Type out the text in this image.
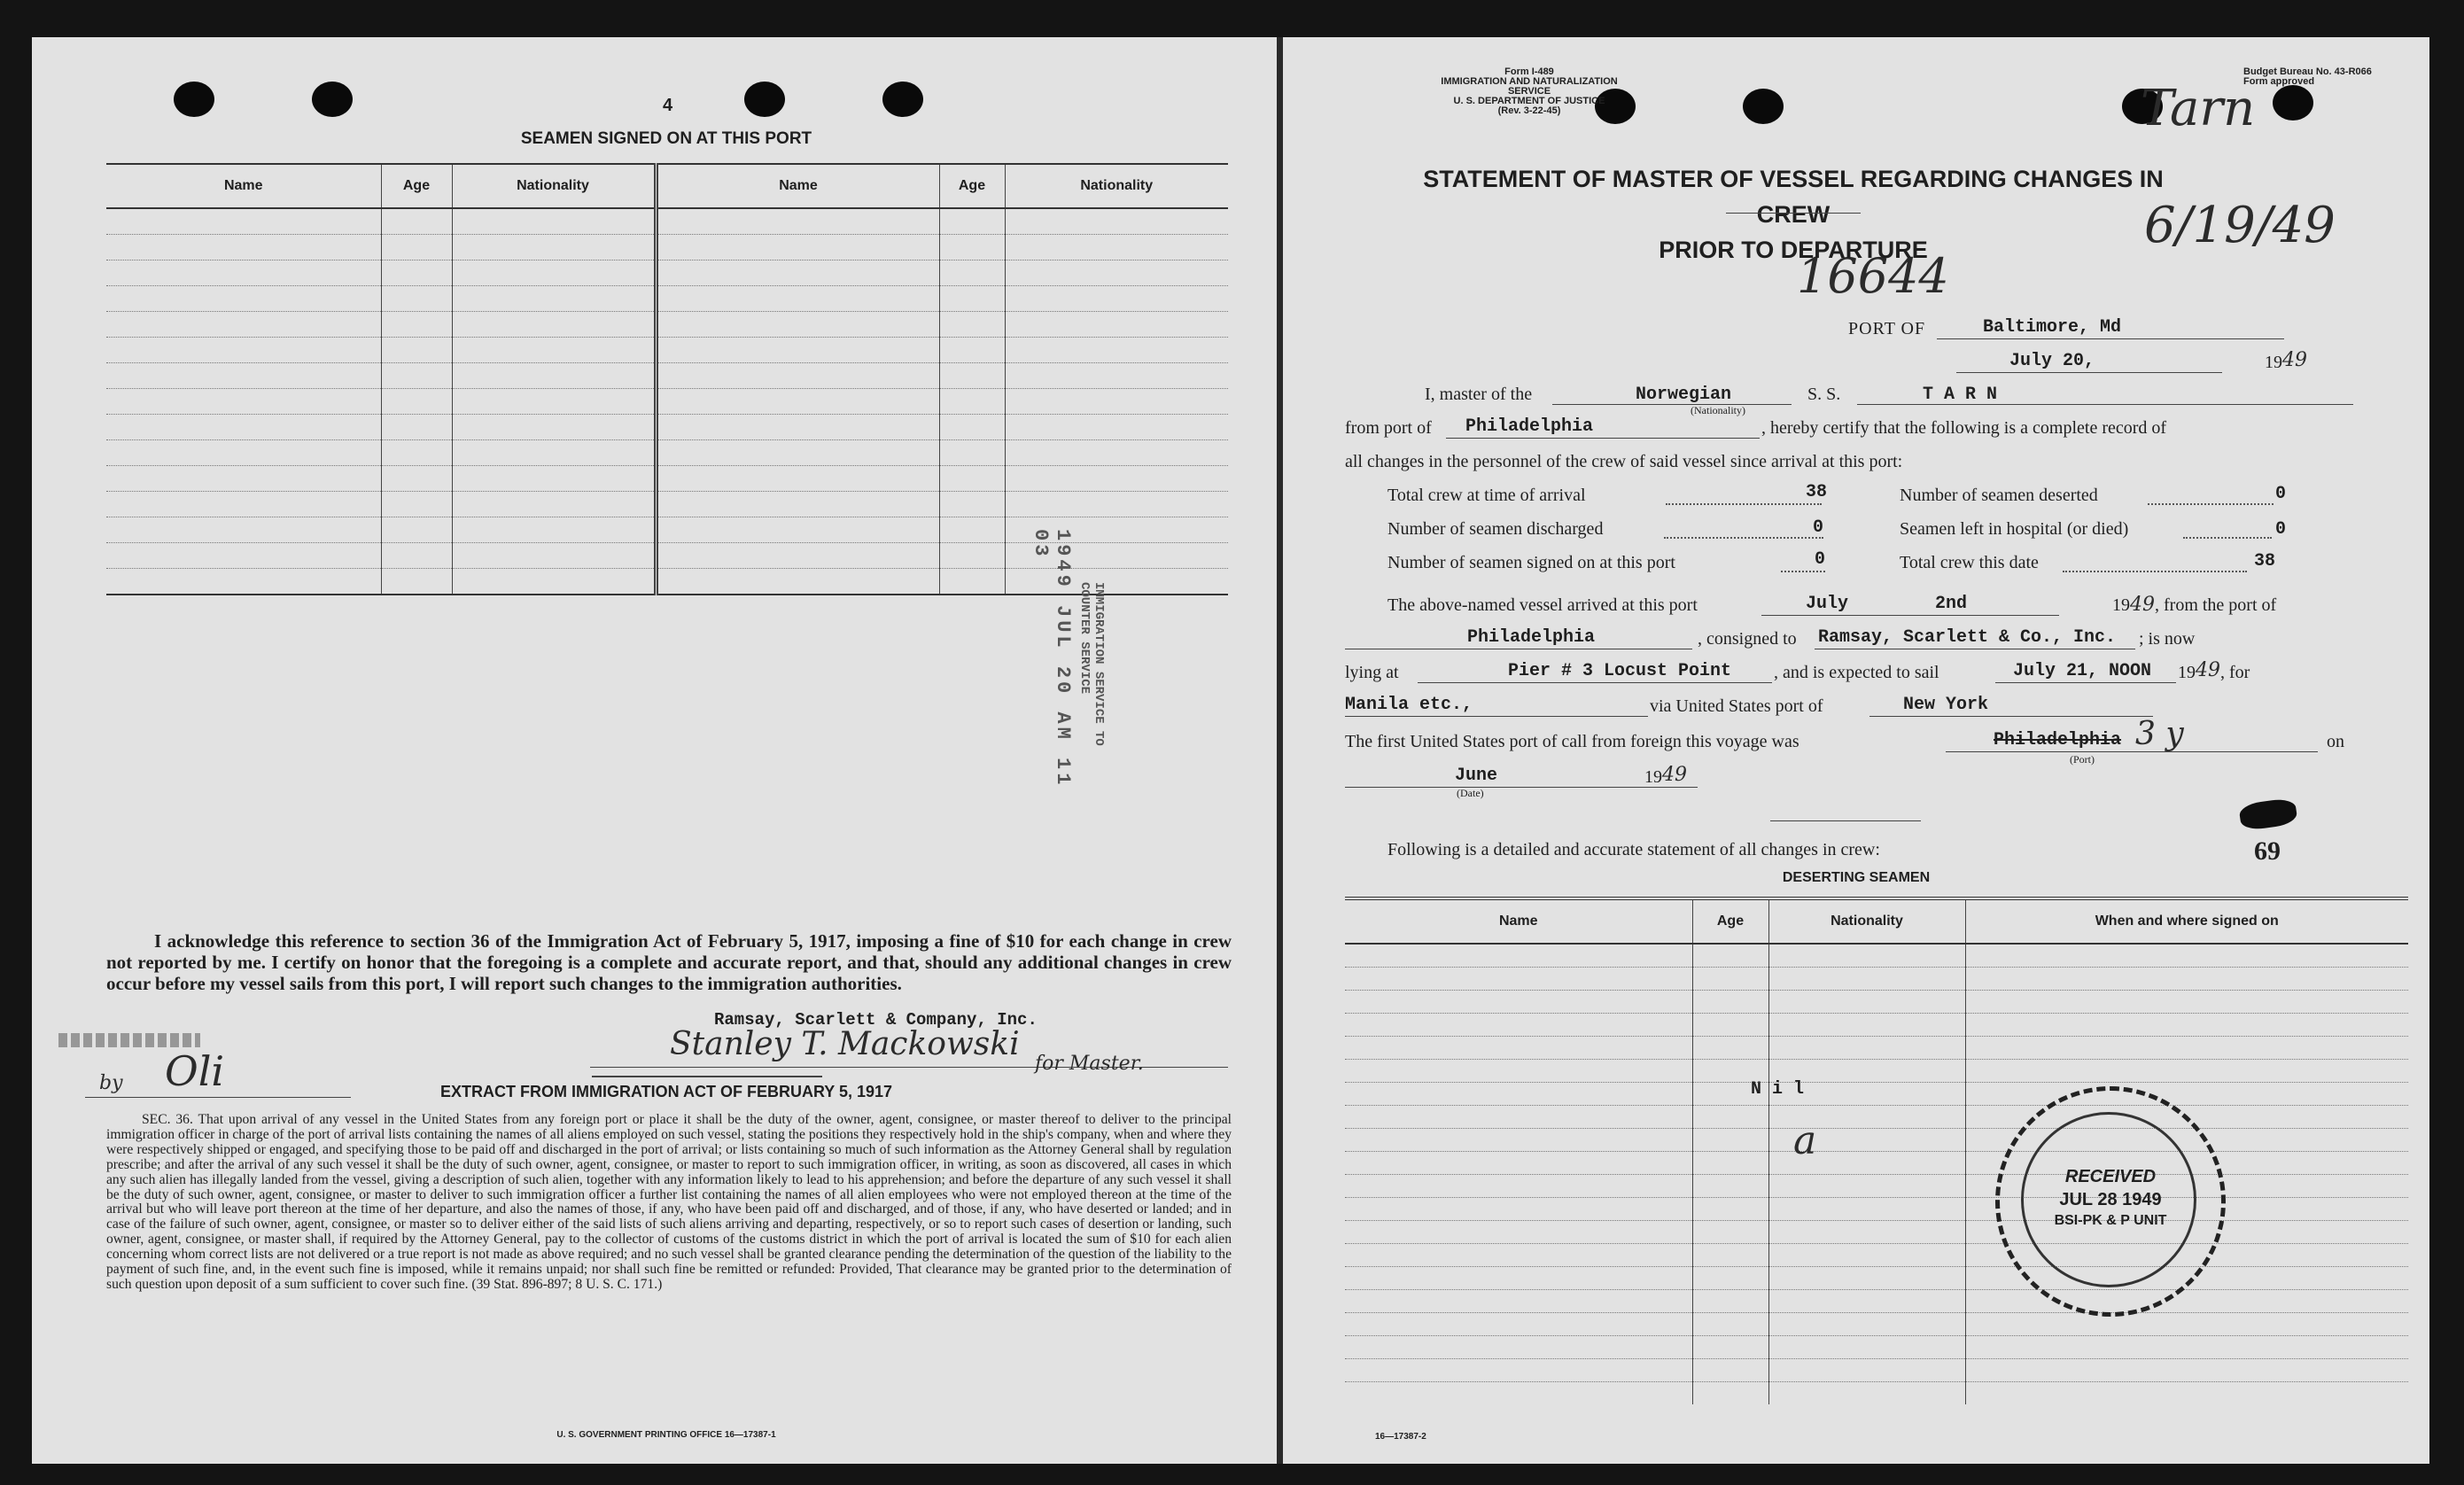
4
SEAMEN SIGNED ON AT THIS PORT
Name	Age	Nationality	Name	Age	Nationality

1949 JUL 20 AM 11 03
IMMIGRATION SERVICE TO COUNTER SERVICE
I acknowledge this reference to section 36 of the Immigration Act of February 5, 1917, imposing a fine of $10 for each change in crew not reported by me. I certify on honor that the foregoing is a complete and accurate report, and that, should any additional changes in crew occur before my vessel sails from this port, I will report such changes to the immigration authorities.
Ramsay, Scarlett & Company, Inc.
Stanley T. Mackowski
for Master.
by Oli	EXTRACT FROM IMMIGRATION ACT OF FEBRUARY 5, 1917
SEC. 36. That upon arrival of any vessel in the United States from any foreign port or place it shall be the duty of the owner, agent, consignee, or master thereof to deliver to the principal immigration officer in charge of the port of arrival lists containing the names of all aliens employed on such vessel, stating the positions they respectively hold in the ship's company, when and where they were respectively shipped or engaged, and specifying those to be paid off and discharged in the port of arrival; or lists containing so much of such information as the Attorney General shall by regulation prescribe; and after the arrival of any such vessel it shall be the duty of such owner, agent, consignee, or master to report to such immigration officer, in writing, as soon as discovered, all cases in which any such alien has illegally landed from the vessel, giving a description of such alien, together with any information likely to lead to his apprehension; and before the departure of any such vessel it shall be the duty of such owner, agent, consignee, or master to deliver to such immigration officer a further list containing the names of all alien employees who were not employed thereon at the time of the arrival but who will leave port thereon at the time of her departure, and also the names of those, if any, who have been paid off and discharged, and of those, if any, who have deserted or landed; and in case of the failure of such owner, agent, consignee, or master so to deliver either of the said lists of such aliens arriving and departing, respectively, or so to report such cases of desertion or landing, such owner, agent, consignee, or master shall, if required by the Attorney General, pay to the collector of customs of the customs district in which the port of arrival is located the sum of $10 for each alien concerning whom correct lists are not delivered or a true report is not made as above required; and no such vessel shall be granted clearance pending the determination of the question of the liability to the payment of such fine, and, in the event such fine is imposed, while it remains unpaid; nor shall such fine be remitted or refunded: Provided, That clearance may be granted prior to the determination of such question upon deposit of a sum sufficient to cover such fine. (39 Stat. 896-897; 8 U. S. C. 171.)
U. S. GOVERNMENT PRINTING OFFICE 16—17387-1
Form I-489
IMMIGRATION AND NATURALIZATION SERVICE
U. S. DEPARTMENT OF JUSTICE
(Rev. 3-22-45)
Budget Bureau No. 43-R066
Form approved
Tarn
6/19/49
16644
STATEMENT OF MASTER OF VESSEL REGARDING CHANGES IN CREW
PRIOR TO DEPARTURE
PORT OF	Baltimore, Md
July 20,	19 49
I, master of the	Norwegian
(Nationality)
S. S.	T A R N
from port of Philadelphia	, hereby certify that the following is a complete record of
all changes in the personnel of the crew of said vessel since arrival at this port:
Total crew at time of arrival	38	Number of seamen deserted	0
Number of seamen discharged	0	Seamen left in hospital (or died)	0
Number of seamen signed on at this port	0	Total crew this date	38
The above-named vessel arrived at this port	July	2nd	19 49 , from the port of
Philadelphia	, consigned to Ramsay, Scarlett & Co., Inc. ; is now
lying at	Pier # 3 Locust Point , and is expected to sail	July 21, NOON 19 49 , for
Manila etc.,	via United States port of	New York
The first United States port of call from foreign this voyage was	Philadelphia 3 y
(Port)
on
June
(Date)
19 49
Following is a detailed and accurate statement of all changes in crew:	69
DESERTING SEAMEN
Name	Age	Nationality	When and where signed on

N i l
a
RECEIVED
JUL 28 1949
BSI-PK & P UNIT
16—17387-2
